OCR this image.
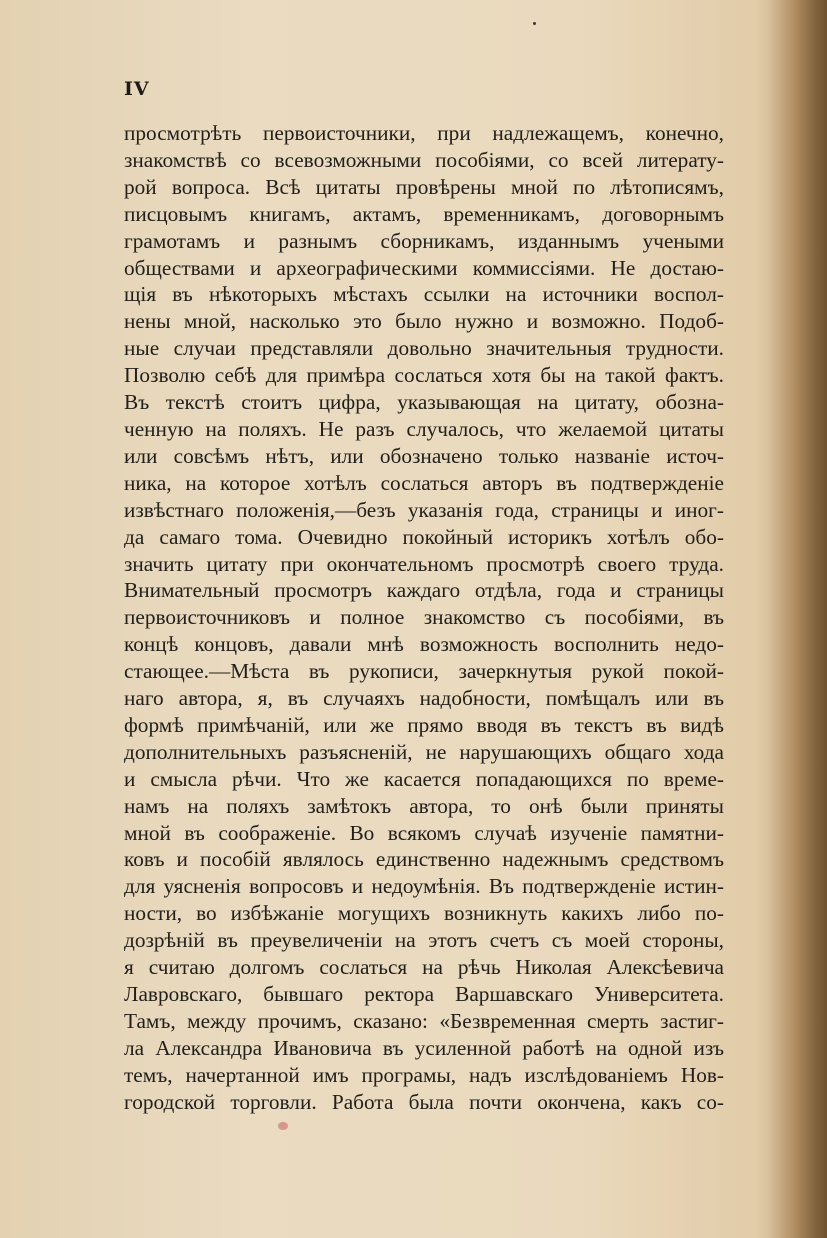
IV
просмотрѣть первоисточники, при надлежащемъ, конечно,
знакомствѣ со всевозможными пособіями, со всей литерату-
рой вопроса. Всѣ цитаты провѣрены мной по лѣтописямъ,
писцовымъ книгамъ, актамъ, временникамъ, договорнымъ
грамотамъ и разнымъ сборникамъ, изданнымъ учеными
обществами и археографическими коммиссіями. Не достаю-
щія въ нѣкоторыхъ мѣстахъ ссылки на источники воспол-
нены мной, насколько это было нужно и возможно. Подоб-
ные случаи представляли довольно значительныя трудности.
Позволю себѣ для примѣра сослаться хотя бы на такой фактъ.
Въ текстѣ стоитъ цифра, указывающая на цитату, обозна-
ченную на поляхъ. Не разъ случалось, что желаемой цитаты
или совсѣмъ нѣтъ, или обозначено только названіе источ-
ника, на которое хотѣлъ сослаться авторъ въ подтвержденіе
извѣстнаго положенія,—безъ указанія года, страницы и иног-
да самаго тома. Очевидно покойный историкъ хотѣлъ обо-
значить цитату при окончательномъ просмотрѣ своего труда.
Внимательный просмотръ каждаго отдѣла, года и страницы
первоисточниковъ и полное знакомство съ пособіями, въ
концѣ концовъ, давали мнѣ возможность восполнить недо-
стающее.—Мѣста въ рукописи, зачеркнутыя рукой покой-
наго автора, я, въ случаяхъ надобности, помѣщалъ или въ
формѣ примѣчаній, или же прямо вводя въ текстъ въ видѣ
дополнительныхъ разъясненій, не нарушающихъ общаго хода
и смысла рѣчи. Что же касается попадающихся по време-
намъ на поляхъ замѣтокъ автора, то онѣ были приняты
мной въ соображеніе. Во всякомъ случаѣ изученіе памятни-
ковъ и пособій являлось единственно надежнымъ средствомъ
для уясненія вопросовъ и недоумѣнія. Въ подтвержденіе истин-
ности, во избѣжаніе могущихъ возникнуть какихъ либо по-
дозрѣній въ преувеличеніи на этотъ счетъ съ моей стороны,
я считаю долгомъ сослаться на рѣчь Николая Алексѣевича
Лавровскаго, бывшаго ректора Варшавскаго Университета.
Тамъ, между прочимъ, сказано: «Безвременная смерть застиг-
ла Александра Ивановича въ усиленной работѣ на одной изъ
темъ, начертанной имъ програмы, надъ изслѣдованіемъ Нов-
городской торговли. Работа была почти окончена, какъ со-
